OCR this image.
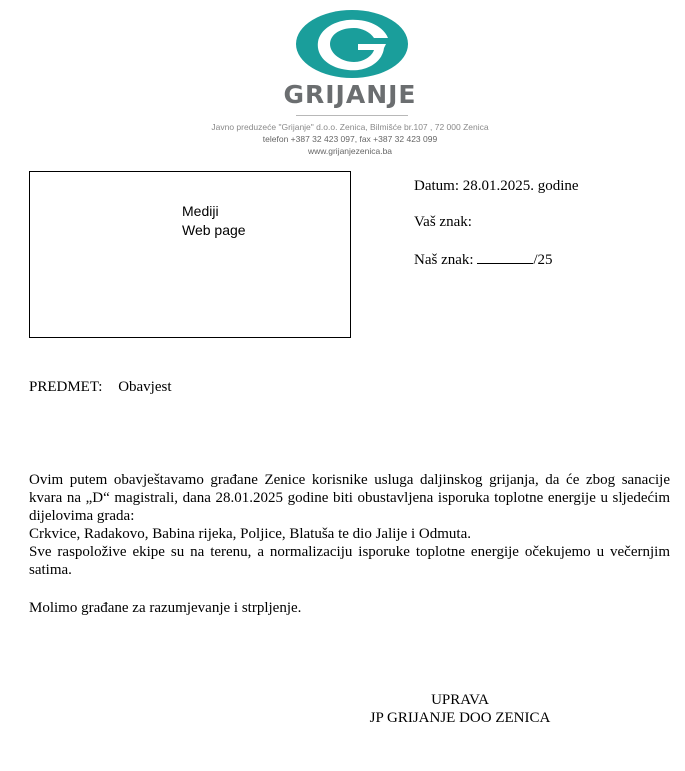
GRIJANJE
Javno preduzeće "Grijanje" d.o.o. Zenica, Bilmišće br.107 , 72 000 Zenica
telefon +387 32 423 097, fax +387 32 423 099
www.grijanjezenica.ba
Mediji
Web page
Datum: 28.01.2025. godine
Vaš znak:
Naš znak:	/25
PREDMET: Obavjest
Ovim putem obavještavamo građane Zenice korisnike usluga daljinskog grijanja, da će zbog sanacije kvara na „D“ magistrali, dana 28.01.2025 godine biti obustavljena isporuka toplotne energije u sljedećim dijelovima grada:
Crkvice, Radakovo, Babina rijeka, Poljice, Blatuša te dio Jalije i Odmuta.
Sve raspoložive ekipe su na terenu, a normalizaciju isporuke toplotne energije očekujemo u večernjim satima.
Molimo građane za razumjevanje i strpljenje.
UPRAVA
JP GRIJANJE DOO ZENICA
